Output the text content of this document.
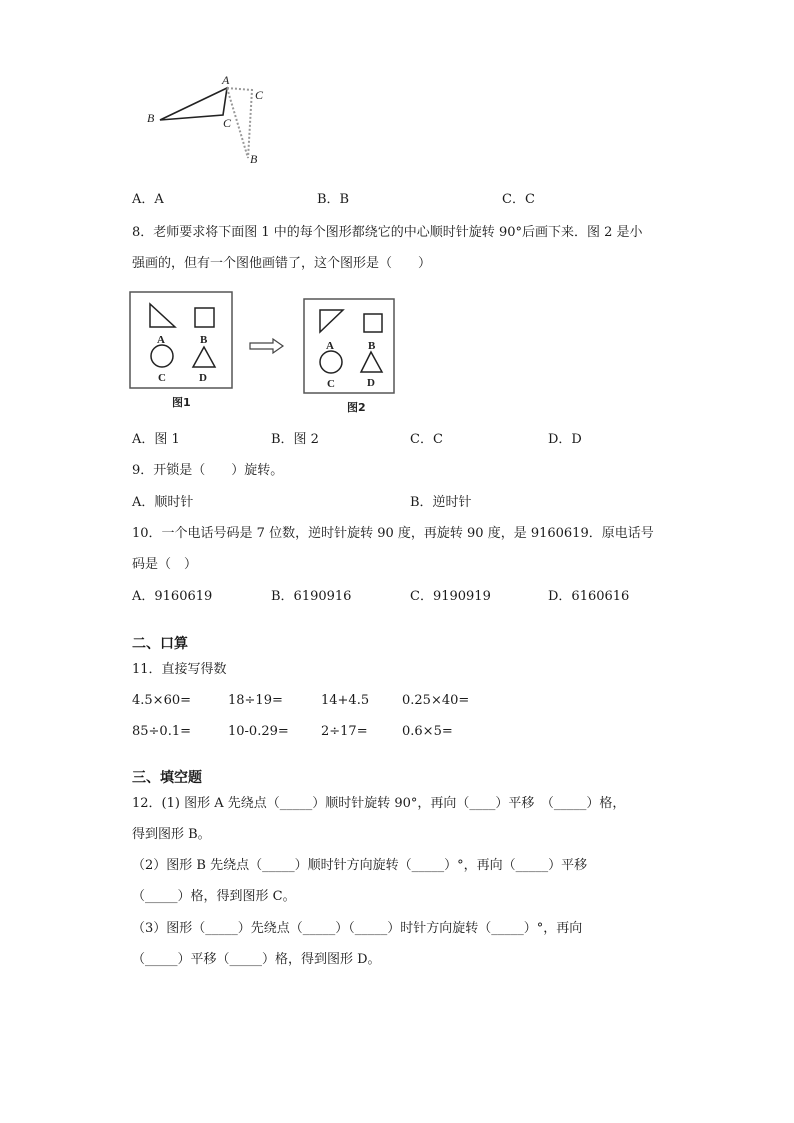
A
B	C
C
B
A．A	B．B	C．C
8．老师要求将下面图 1 中的每个图形都绕它的中心顺时针旋转 90°后画下来．图 2 是小
强画的，但有一个图他画错了，这个图形是（　　）
A	B
C	D
图1
A	B
C	D
图2
A．图 1	B．图 2	C．C	D．D
9．开锁是（　　）旋转。
A．顺时针	B．逆时针
10．一个电话号码是 7 位数，逆时针旋转 90 度，再旋转 90 度，是 9160619．原电话号
码是（　）
A．9160619	B．6190916	C．9190919	D．6160616
二、口算
11．直接写得数
4.5×60=	18÷19=	14+4.5	0.25×40=
85÷0.1=	10-0.29= 2÷17=	0.6×5=
三、填空题
12．(1) 图形 A 先绕点（_____）顺时针旋转 90°，再向（____）平移　（_____）格，
得到图形 B。
（2）图形 B 先绕点（_____）顺时针方向旋转（_____）°，再向（_____）平移
（_____）格，得到图形 C。
（3）图形（_____）先绕点（_____）（_____）时针方向旋转（_____）°，再向
（_____）平移（_____）格，得到图形 D。
